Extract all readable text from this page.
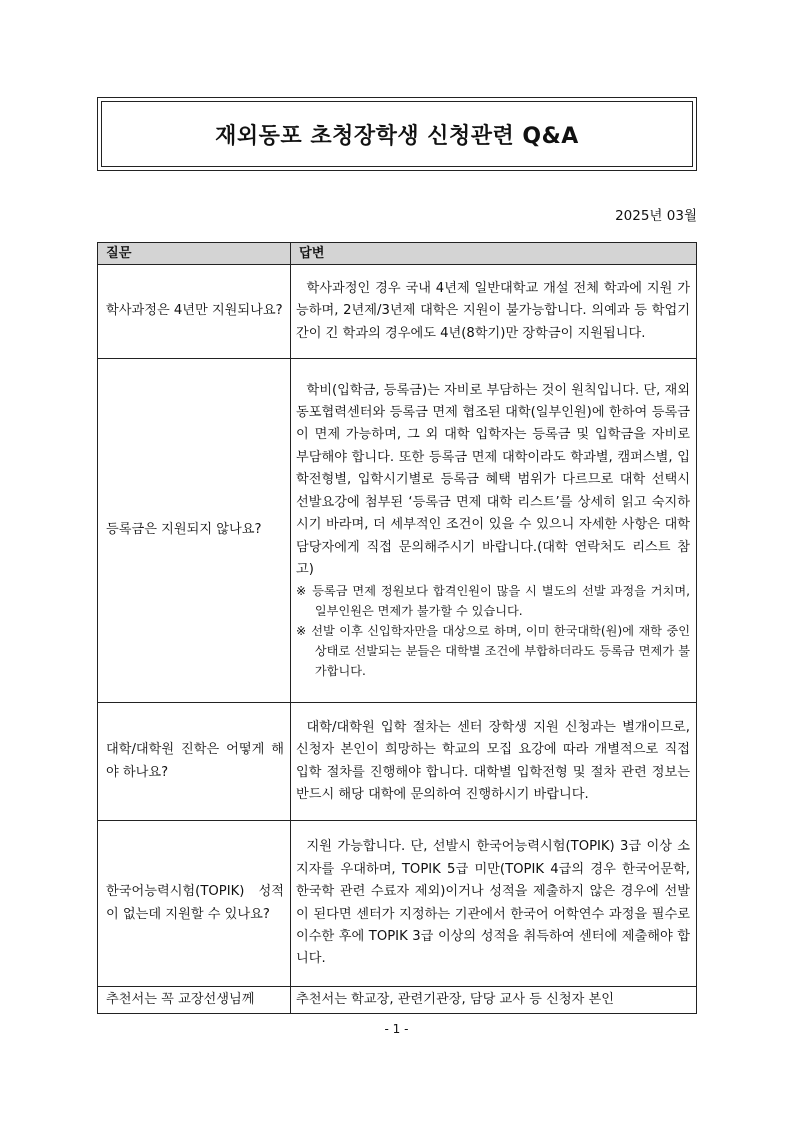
재외동포 초청장학생 신청관련 Q&A
2025년 03월
질문	답변
학사과정은 4년만 지원되나요?	학사과정인 경우 국내 4년제 일반대학교 개설 전체 학과에 지원 가능하며, 2년제/3년제 대학은 지원이 불가능합니다. 의예과 등 학업기간이 긴 학과의 경우에도 4년(8학기)만 장학금이 지원됩니다.

등록금은 지원되지 않나요?	학비(입학금, 등록금)는 자비로 부담하는 것이 원칙입니다. 단, 재외동포협력센터와 등록금 면제 협조된 대학(일부인원)에 한하여 등록금이 면제 가능하며, 그 외 대학 입학자는 등록금 및 입학금을 자비로 부담해야 합니다. 또한 등록금 면제 대학이라도 학과별, 캠퍼스별, 입학전형별, 입학시기별로 등록금 혜택 범위가 다르므로 대학 선택시 선발요강에 첨부된 ‘등록금 면제 대학 리스트’를 상세히 읽고 숙지하시기 바라며, 더 세부적인 조건이 있을 수 있으니 자세한 사항은 대학 담당자에게 직접 문의해주시기 바랍니다.(대학 연락처도 리스트 참고)

※ 등록금 면제 정원보다 합격인원이 많을 시 별도의 선발 과정을 거치며, 일부인원은 면제가 불가할 수 있습니다.
※ 선발 이후 신입학자만을 대상으로 하며, 이미 한국대학(원)에 재학 중인 상태로 선발되는 분들은 대학별 조건에 부합하더라도 등록금 면제가 불가합니다.

대학/대학원 진학은 어떻게 해야 하나요?	대학/대학원 입학 절차는 센터 장학생 지원 신청과는 별개이므로, 신청자 본인이 희망하는 학교의 모집 요강에 따라 개별적으로 직접 입학 절차를 진행해야 합니다. 대학별 입학전형 및 절차 관련 정보는 반드시 해당 대학에 문의하여 진행하시기 바랍니다.

한국어능력시험(TOPIK) 성적이 없는데 지원할 수 있나요?	지원 가능합니다. 단, 선발시 한국어능력시험(TOPIK) 3급 이상 소지자를 우대하며, TOPIK 5급 미만(TOPIK 4급의 경우 한국어문학, 한국학 관련 수료자 제외)이거나 성적을 제출하지 않은 경우에 선발이 된다면 센터가 지정하는 기관에서 한국어 어학연수 과정을 필수로 이수한 후에 TOPIK 3급 이상의 성적을 취득하여 센터에 제출해야 합니다.

추천서는 꼭 교장선생님께	추천서는 학교장, 관련기관장, 담당 교사 등 신청자 본인

- 1 -
